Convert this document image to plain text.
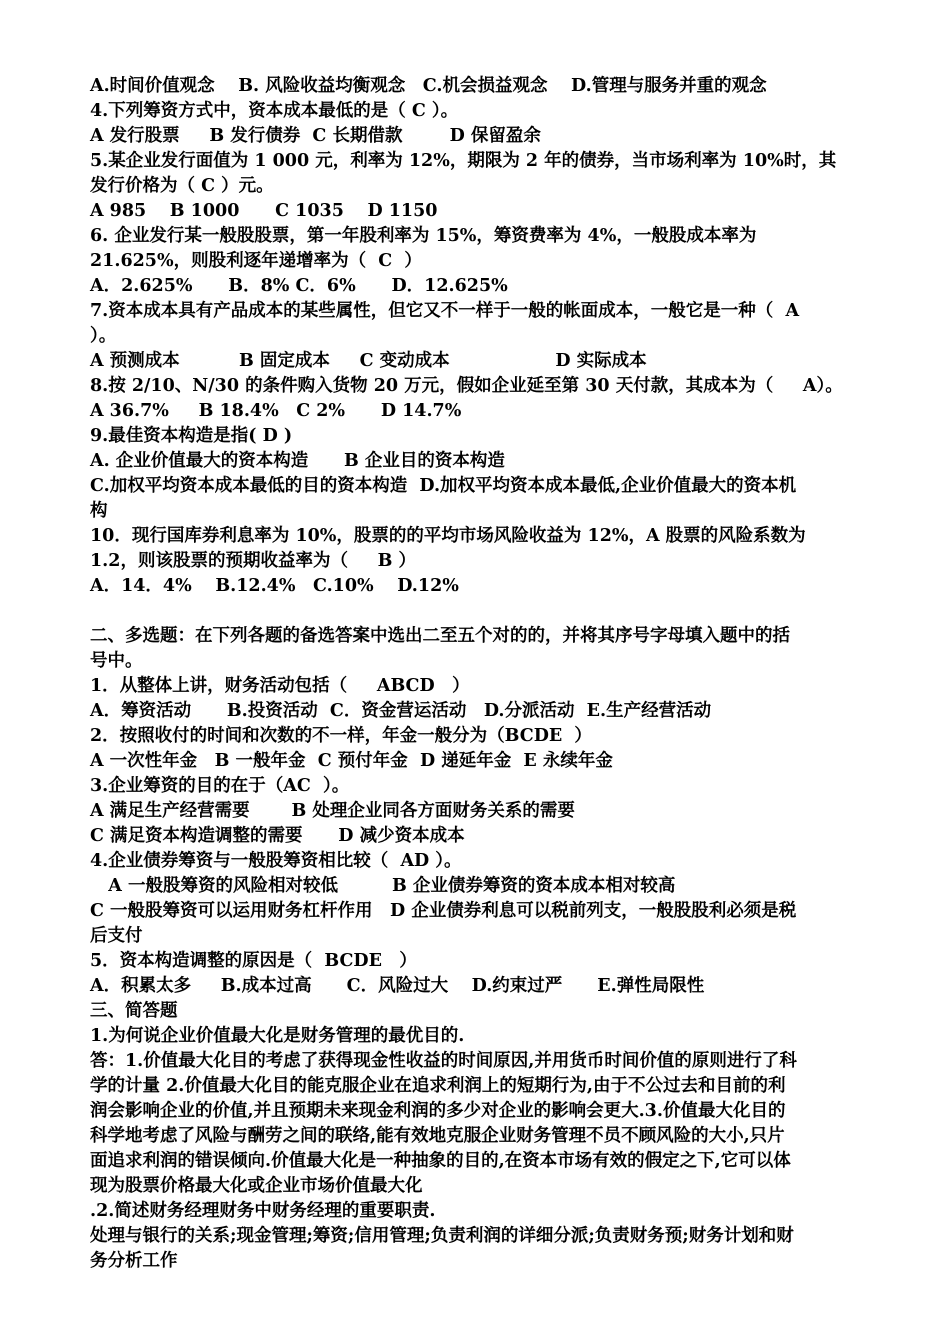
A.时间价值观念　 B. 风险收益均衡观念　C.机会损益观念　 D.管理与服务并重的观念
4.下列筹资方式中，资本成本最低的是（ C ）。
A 发行股票　  B 发行债券  C 长期借款　　  D 保留盈余
5.某企业发行面值为 1 000 元，利率为 12%，期限为 2 年的债券，当市场利率为 10%时，其
发行价格为（ C ）元。
A 985　 B 1000　   C 1035　 D 1150
6. 企业发行某一般股股票，第一年股利率为 15%，筹资费率为 4%，一般股成本率为
21.625%，则股利逐年递增率为（  C  ）
A．2.625%　   B．8% C．6%　   D．12.625%
7.资本成本具有产品成本的某些属性，但它又不一样于一般的帐面成本，一般它是一种（  A
）。
A 预测成本　　    B 固定成本　  C 变动成本　　　　　   D 实际成本
8.按 2/10、N/30 的条件购入货物 20 万元，假如企业延至第 30 天付款，其成本为（　  A）。
A 36.7%　  B 18.4%　C 2%　   D 14.7%
9.最佳资本构造是指( D )
A. 企业价值最大的资本构造　   B 企业目的资本构造
C.加权平均资本成本最低的目的资本构造  D.加权平均资本成本最低,企业价值最大的资本机
构
10．现行国库券利息率为 10%，股票的的平均市场风险收益为 12%，A 股票的风险系数为
1.2，则该股票的预期收益率为（　  B ）
A．14．4%　 B.12.4%　C.10%　 D.12%
二、多选题：在下列各题的备选答案中选出二至五个对的的，并将其序号字母填入题中的括
号中。
1．从整体上讲，财务活动包括（　  ABCD　）
A．筹资活动　   B.投资活动  C．资金营运活动　D.分派活动  E.生产经营活动
2．按照收付的时间和次数的不一样，年金一般分为（BCDE  ）
A 一次性年金　B 一般年金  C 预付年金  D 递延年金  E 永续年金
3.企业筹资的目的在于（AC  ）。
A 满足生产经营需要　    B 处理企业同各方面财务关系的需要
C 满足资本构造调整的需要　   D 减少资本成本
4.企业债券筹资与一般股筹资相比较（  AD ）。
A 一般股筹资的风险相对较低　      B 企业债券筹资的资本成本相对较高
C 一般股筹资可以运用财务杠杆作用　D 企业债券利息可以税前列支，一般股股利必须是税
后支付
5．资本构造调整的原因是（  BCDE　）
A．积累太多　  B.成本过高　　C．风险过大　 D.约束过严　　E.弹性局限性
三、简答题
1.为何说企业价值最大化是财务管理的最优目的.
答：1.价值最大化目的考虑了获得现金性收益的时间原因,并用货币时间价值的原则进行了科
学的计量 2.价值最大化目的能克服企业在追求利润上的短期行为,由于不公过去和目前的利
润会影响企业的价值,并且预期未来现金利润的多少对企业的影响会更大.3.价值最大化目的
科学地考虑了风险与酬劳之间的联络,能有效地克服企业财务管理不员不顾风险的大小,只片
面追求利润的错误倾向.价值最大化是一种抽象的目的,在资本市场有效的假定之下,它可以体
现为股票价格最大化或企业市场价值最大化
.2.简述财务经理财务中财务经理的重要职责.
处理与银行的关系;现金管理;筹资;信用管理;负责利润的详细分派;负责财务预;财务计划和财
务分析工作
